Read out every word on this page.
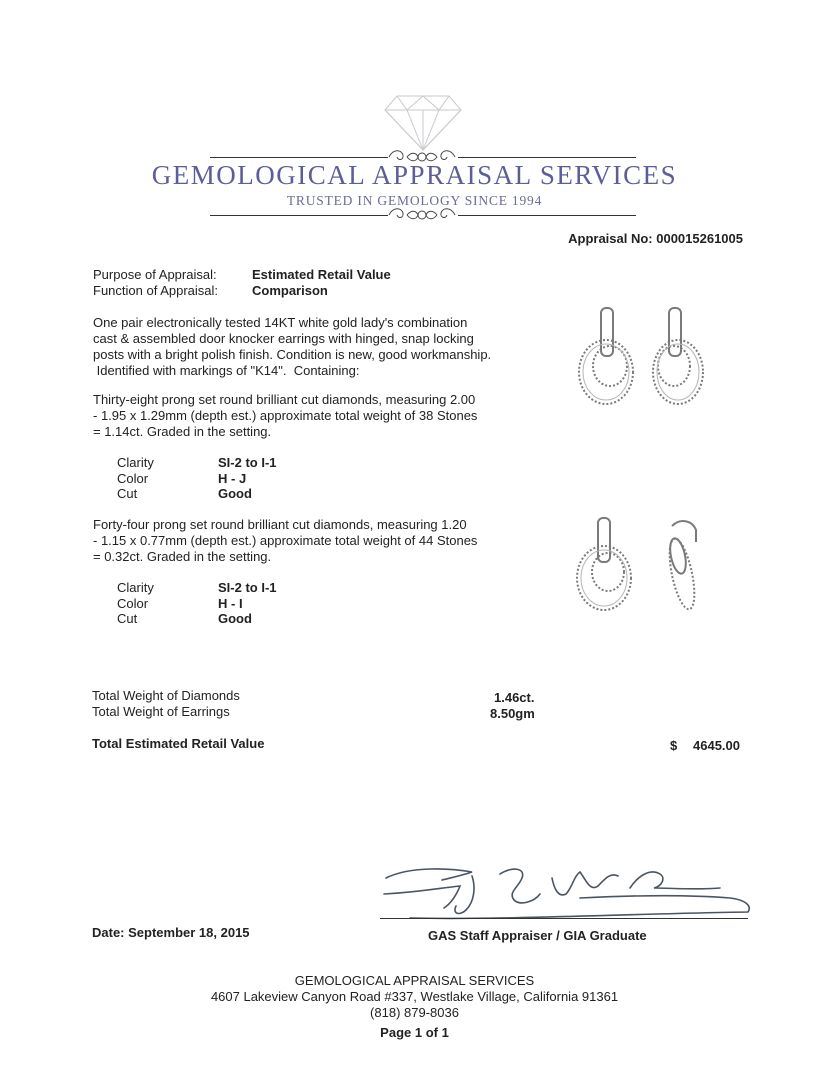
GEMOLOGICAL APPRAISAL SERVICES
TRUSTED IN GEMOLOGY SINCE 1994
Appraisal No: 000015261005
Purpose of Appraisal:	Estimated Retail Value
Function of Appraisal:	Comparison
One pair electronically tested 14KT white gold lady's combination
cast & assembled door knocker earrings with hinged, snap locking
posts with a bright polish finish. Condition is new, good workmanship.
Identified with markings of "K14".  Containing:
Thirty-eight prong set round brilliant cut diamonds, measuring 2.00
- 1.95 x 1.29mm (depth est.) approximate total weight of 38 Stones
= 1.14ct. Graded in the setting.
Clarity	SI-2 to I-1
Color	H - J
Cut	Good
Forty-four prong set round brilliant cut diamonds, measuring 1.20
- 1.15 x 0.77mm (depth est.) approximate total weight of 44 Stones
= 0.32ct. Graded in the setting.
Clarity	SI-2 to I-1
Color	H - I
Cut	Good
Total Weight of Diamonds	1.46ct.
Total Weight of Earrings	8.50gm
Total Estimated Retail Value	$ 4645.00
Date: September 18, 2015	GAS Staff Appraiser / GIA Graduate
GEMOLOGICAL APPRAISAL SERVICES
4607 Lakeview Canyon Road #337, Westlake Village, California 91361
(818) 879-8036
Page 1 of 1
